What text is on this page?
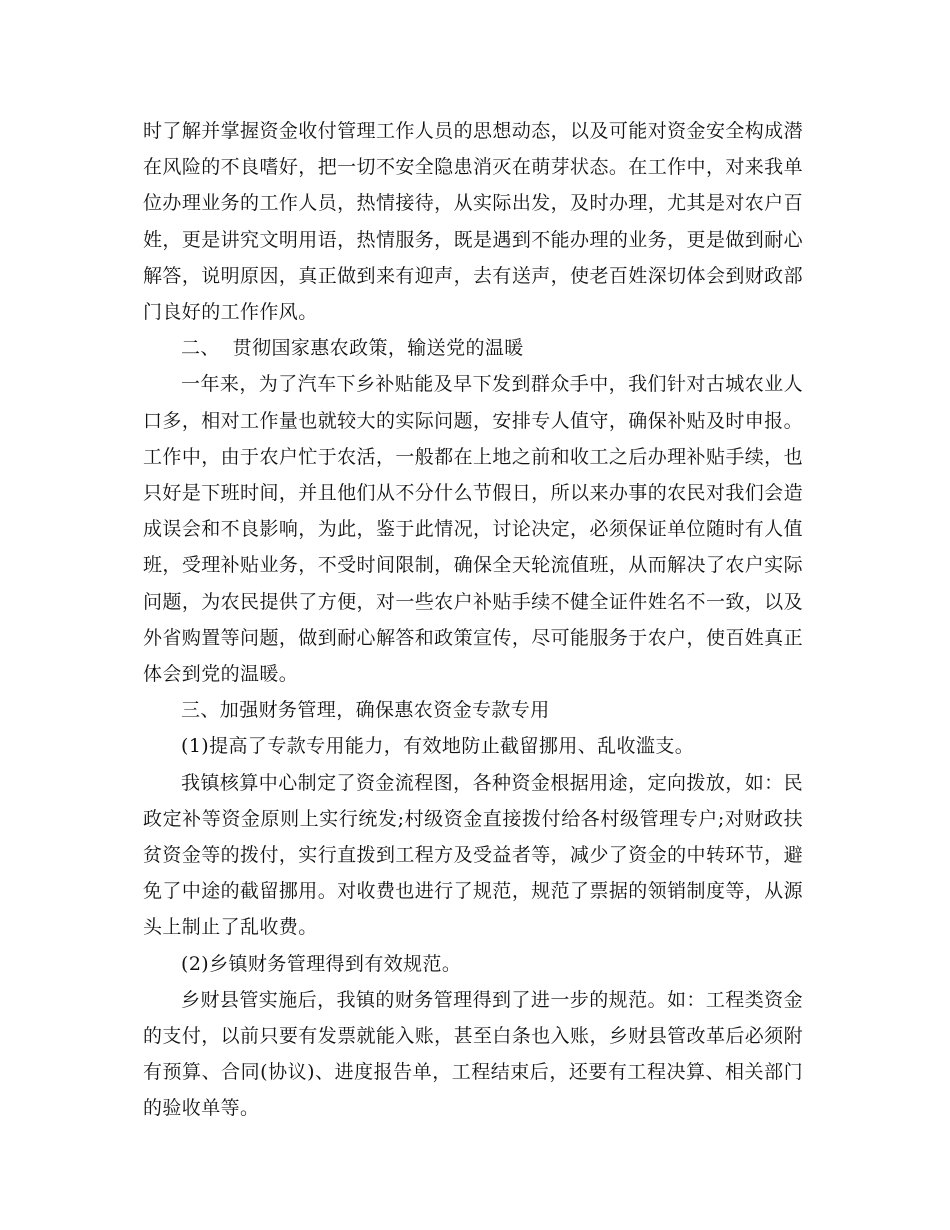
时了解并掌握资金收付管理工作人员的思想动态，以及可能对资金安全构成潜在风险的不良嗜好，把一切不安全隐患消灭在萌芽状态。在工作中，对来我单位办理业务的工作人员，热情接待，从实际出发，及时办理，尤其是对农户百姓，更是讲究文明用语，热情服务，既是遇到不能办理的业务，更是做到耐心解答，说明原因，真正做到来有迎声，去有送声，使老百姓深切体会到财政部门良好的工作作风。

二、  贯彻国家惠农政策，输送党的温暖

一年来，为了汽车下乡补贴能及早下发到群众手中，我们针对古城农业人口多，相对工作量也就较大的实际问题，安排专人值守，确保补贴及时申报。工作中，由于农户忙于农活，一般都在上地之前和收工之后办理补贴手续，也只好是下班时间，并且他们从不分什么节假日，所以来办事的农民对我们会造成误会和不良影响，为此，鉴于此情况，讨论决定，必须保证单位随时有人值班，受理补贴业务，不受时间限制，确保全天轮流值班，从而解决了农户实际问题，为农民提供了方便，对一些农户补贴手续不健全证件姓名不一致，以及外省购置等问题，做到耐心解答和政策宣传，尽可能服务于农户，使百姓真正体会到党的温暖。

三、加强财务管理，确保惠农资金专款专用

(1)提高了专款专用能力，有效地防止截留挪用、乱收滥支。

我镇核算中心制定了资金流程图，各种资金根据用途，定向拨放，如：民政定补等资金原则上实行统发;村级资金直接拨付给各村级管理专户;对财政扶贫资金等的拨付，实行直拨到工程方及受益者等，减少了资金的中转环节，避免了中途的截留挪用。对收费也进行了规范，规范了票据的领销制度等，从源头上制止了乱收费。

(2)乡镇财务管理得到有效规范。

乡财县管实施后，我镇的财务管理得到了进一步的规范。如：工程类资金的支付，以前只要有发票就能入账，甚至白条也入账，乡财县管改革后必须附有预算、合同(协议)、进度报告单，工程结束后，还要有工程决算、相关部门的验收单等。
